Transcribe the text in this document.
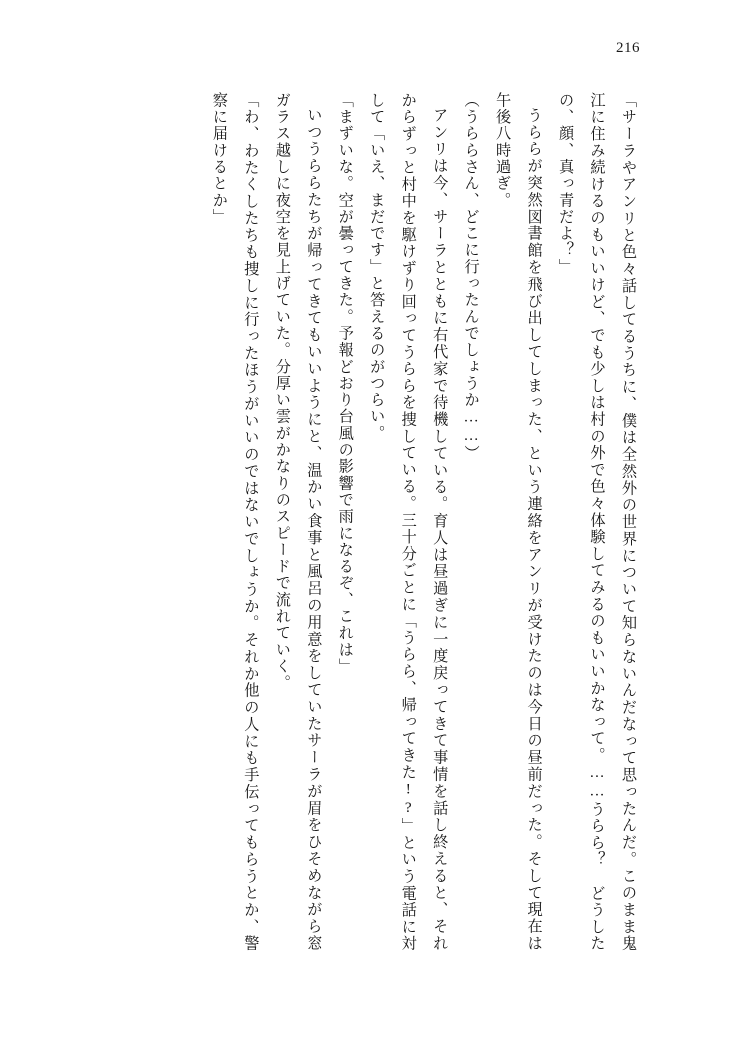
216

「サーラやアンリと色々話してるうちに、僕は全然外の世界について知らないんだなって思ったんだ。このまま鬼江に住み続けるのもいいけど、でも少しは村の外で色々体験してみるのもいいかなって。……うらら？　どうしたの、顔、真っ青だよ？」

うららが突然図書館を飛び出してしまった、という連絡をアンリが受けたのは今日の昼前だった。そして現在は午後八時過ぎ。

（うららさん、どこに行ったんでしょうか……）

アンリは今、サーラとともに右代家で待機している。育人は昼過ぎに一度戻ってきて事情を話し終えると、それからずっと村中を駆けずり回ってうららを捜している。三十分ごとに「うらら、帰ってきた!?」という電話に対して「いえ、まだです」と答えるのがつらい。

「まずいな。空が曇ってきた。予報どおり台風の影響で雨になるぞ、これは」

いつうららたちが帰ってきてもいいようにと、温かい食事と風呂の用意をしていたサーラが眉をひそめながら窓ガラス越しに夜空を見上げていた。分厚い雲がかなりのスピードで流れていく。

「わ、わたくしたちも捜しに行ったほうがいいのではないでしょうか。それか他の人にも手伝ってもらうとか、警察に届けるとか」
